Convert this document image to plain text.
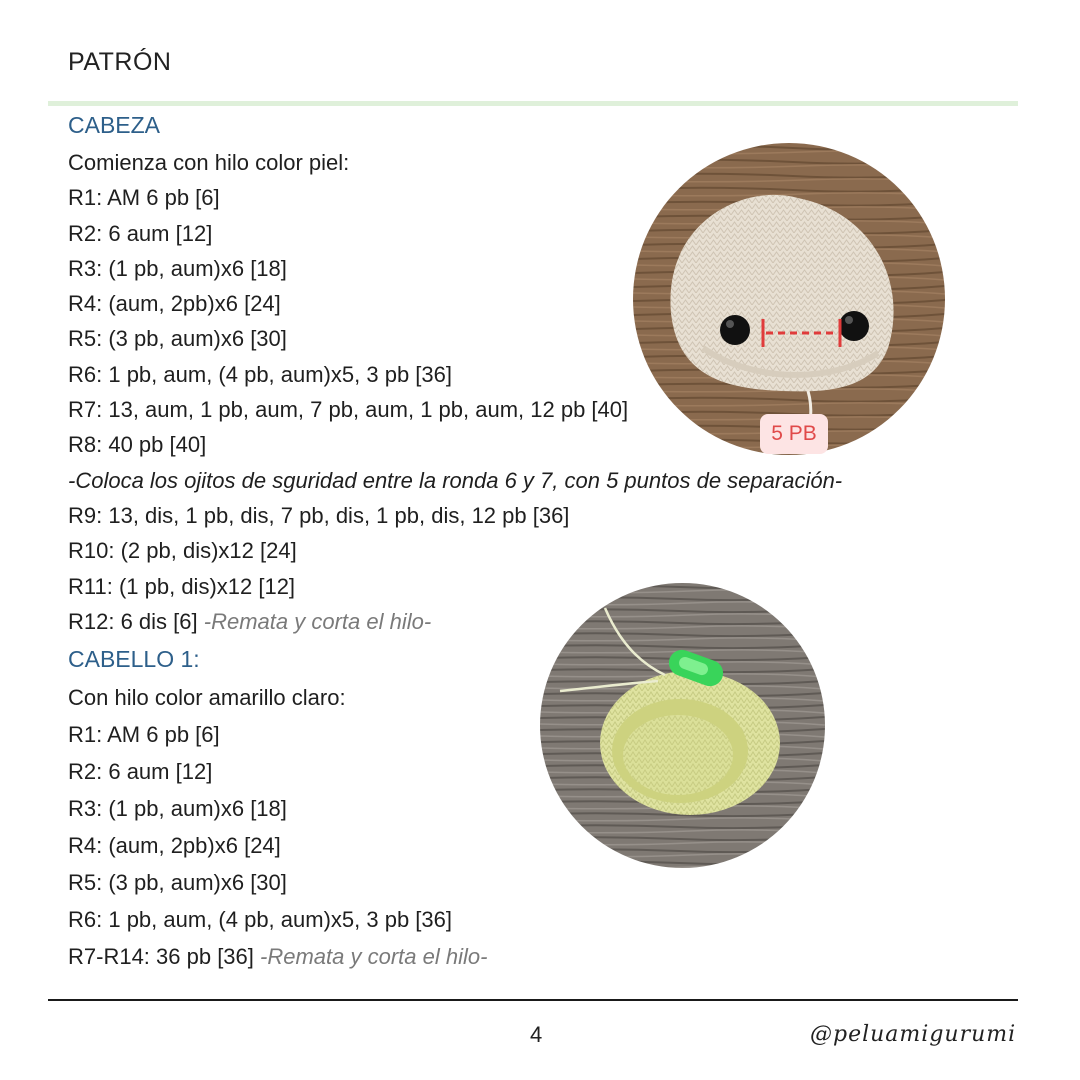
PATRÓN
CABEZA
Comienza con hilo color piel:
R1: AM 6 pb [6]
R2: 6 aum [12]
R3: (1 pb, aum)x6 [18]
R4: (aum, 2pb)x6 [24]
R5: (3 pb, aum)x6 [30]
R6: 1 pb, aum, (4 pb, aum)x5, 3 pb [36]
R7: 13, aum, 1 pb, aum, 7 pb, aum, 1 pb, aum, 12 pb [40]
R8: 40 pb [40]
-Coloca los ojitos de sguridad entre la ronda 6 y 7, con 5 puntos de separación-
R9: 13, dis, 1 pb, dis, 7 pb, dis, 1 pb, dis, 12 pb [36]
R10: (2 pb, dis)x12 [24]
R11: (1 pb, dis)x12 [12]
R12: 6 dis [6] -Remata y corta el hilo-
CABELLO 1:
Con hilo color amarillo claro:
R1: AM 6 pb [6]
R2: 6 aum [12]
R3: (1 pb, aum)x6 [18]
R4: (aum, 2pb)x6 [24]
R5: (3 pb, aum)x6 [30]
R6: 1 pb, aum, (4 pb, aum)x5, 3 pb [36]
R7-R14: 36 pb [36] -Remata y corta el hilo-
5 PB
4	@peluamigurumi
